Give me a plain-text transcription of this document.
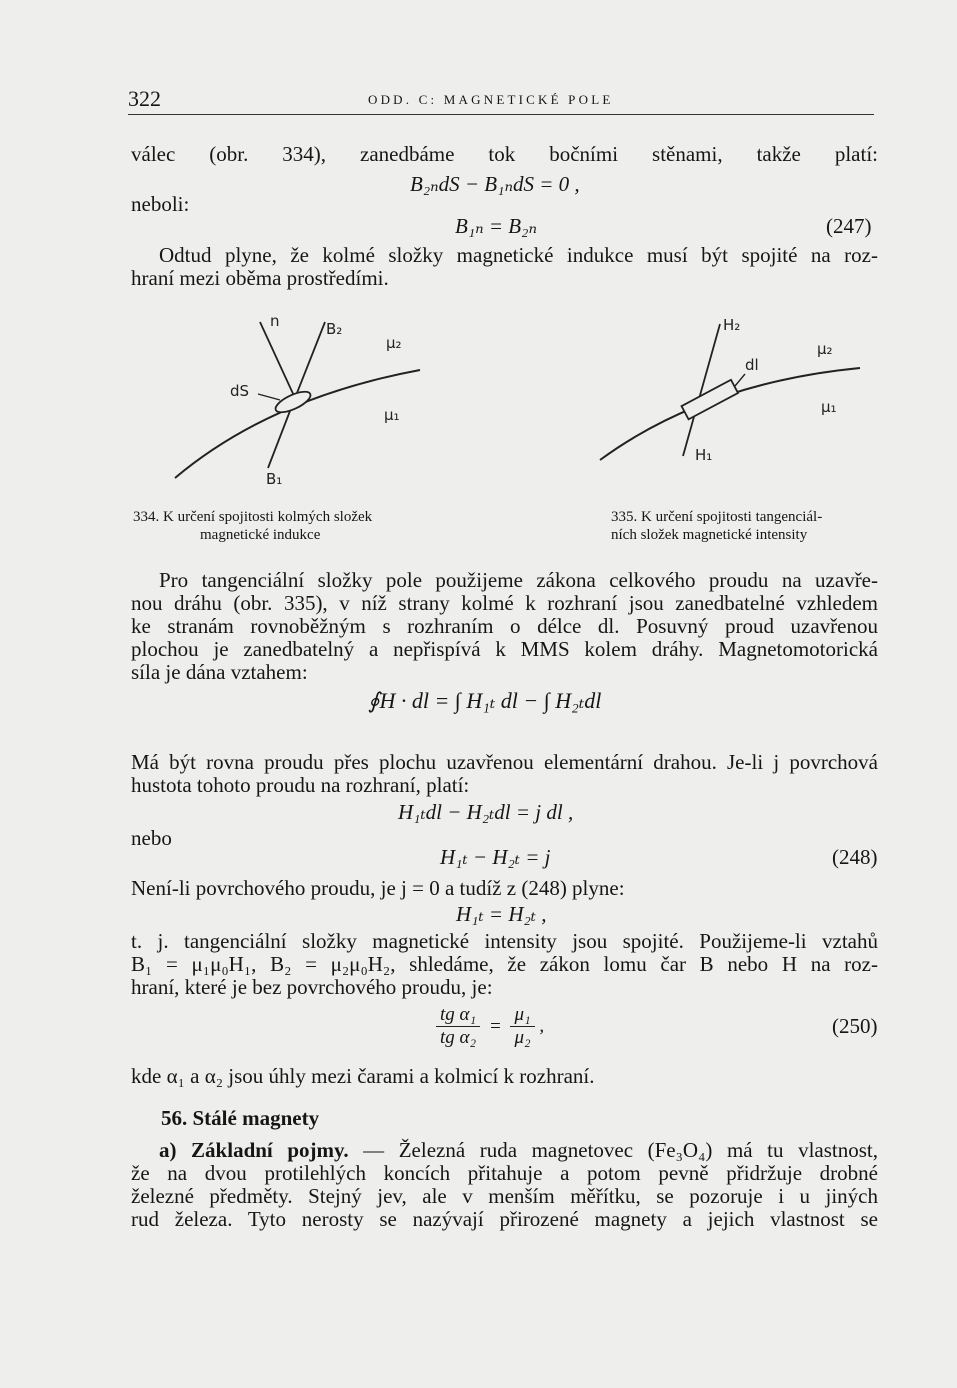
322	ODD. C: MAGNETICKÉ POLE
válec (obr. 334), zanedbáme tok bočními stěnami, takže platí:
B₂ₙdS − B₁ₙdS = 0 ,
neboli:
B₁ₙ = B₂ₙ	(247)
Odtud plyne, že kolmé složky magnetické indukce musí být spojité na roz-
hraní mezi oběma prostředími.
n	B₂
μ₂
dS
μ₁
B₁
H₂
dl
μ₂
μ₁
H₁
334. K určení spojitosti kolmých složek
magnetické indukce
335. K určení spojitosti tangenciál-
ních složek magnetické intensity
Pro tangenciální složky pole použijeme zákona celkového proudu na uzavře-
nou dráhu (obr. 335), v níž strany kolmé k rozhraní jsou zanedbatelné vzhledem
ke stranám rovnoběžným s rozhraním o délce dl. Posuvný proud uzavřenou
plochou je zanedbatelný a nepřispívá k MMS kolem dráhy. Magnetomotorická
síla je dána vztahem:
∮H · dl = ∫ H₁ₜ dl − ∫ H₂ₜdl
Má být rovna proudu přes plochu uzavřenou elementární drahou. Je-li j povrchová
hustota tohoto proudu na rozhraní, platí:
H₁ₜdl − H₂ₜdl = j dl ,
nebo
H₁ₜ − H₂ₜ = j	(248)
Není-li povrchového proudu, je j = 0 a tudíž z (248) plyne:
H₁ₜ = H₂ₜ ,
t. j. tangenciální složky magnetické intensity jsou spojité. Použijeme-li vztahů
B₁ = μ₁μ₀H₁, B₂ = μ₂μ₀H₂, shledáme, že zákon lomu čar B nebo H na roz-
hraní, které je bez povrchového proudu, je:
$\frac{\text{tg α₁}}{\text{tg α₂}} = \frac{\text{μ₁}}{\text{μ₂}}$ ,	(250)
kde α₁ a α₂ jsou úhly mezi čarami a kolmicí k rozhraní.
56. Stálé magnety
a) Základní pojmy. — Železná ruda magnetovec (Fe₃O₄) má tu vlastnost,
že na dvou protilehlých koncích přitahuje a potom pevně přidržuje drobné
železné předměty. Stejný jev, ale v menším měřítku, se pozoruje i u jiných
rud železa. Tyto nerosty se nazývají přirozené magnety a jejich vlastnost se
